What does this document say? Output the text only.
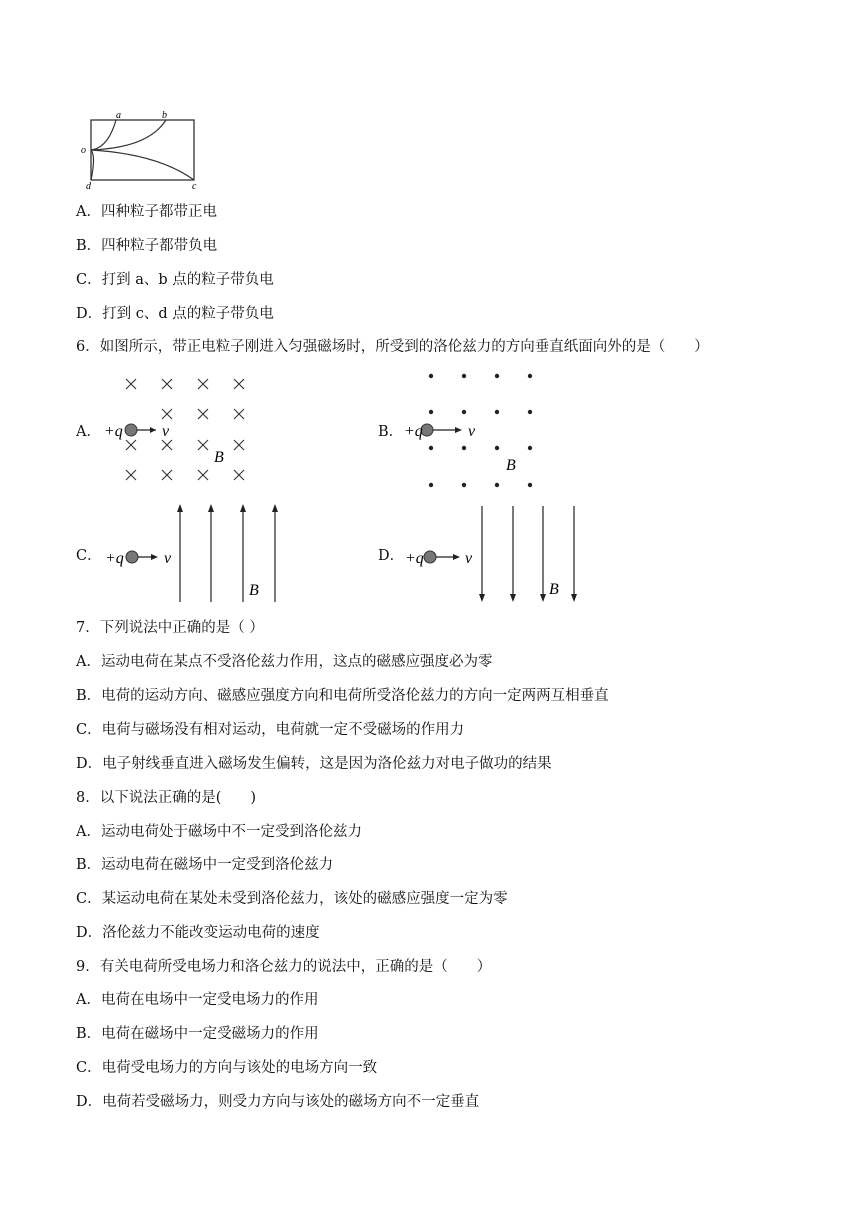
a	b
o
d	c
A．四种粒子都带正电
B．四种粒子都带负电
C．打到 a、b 点的粒子带负电
D．打到 c、d 点的粒子带负电
6．如图所示，带正电粒子刚进入匀强磁场时，所受到的洛伦兹力的方向垂直纸面向外的是（　　）
A． +q v
B
B． +q	v
B
C． +q	v
B
D． +q	v
B
7．下列说法中正确的是（ ）
A．运动电荷在某点不受洛伦兹力作用，这点的磁感应强度必为零
B．电荷的运动方向、磁感应强度方向和电荷所受洛伦兹力的方向一定两两互相垂直
C．电荷与磁场没有相对运动，电荷就一定不受磁场的作用力
D．电子射线垂直进入磁场发生偏转，这是因为洛伦兹力对电子做功的结果
8．以下说法正确的是(　　)
A．运动电荷处于磁场中不一定受到洛伦兹力
B．运动电荷在磁场中一定受到洛伦兹力
C．某运动电荷在某处未受到洛伦兹力，该处的磁感应强度一定为零
D．洛伦兹力不能改变运动电荷的速度
9．有关电荷所受电场力和洛仑兹力的说法中，正确的是（　　）
A．电荷在电场中一定受电场力的作用
B．电荷在磁场中一定受磁场力的作用
C．电荷受电场力的方向与该处的电场方向一致
D．电荷若受磁场力，则受力方向与该处的磁场方向不一定垂直
